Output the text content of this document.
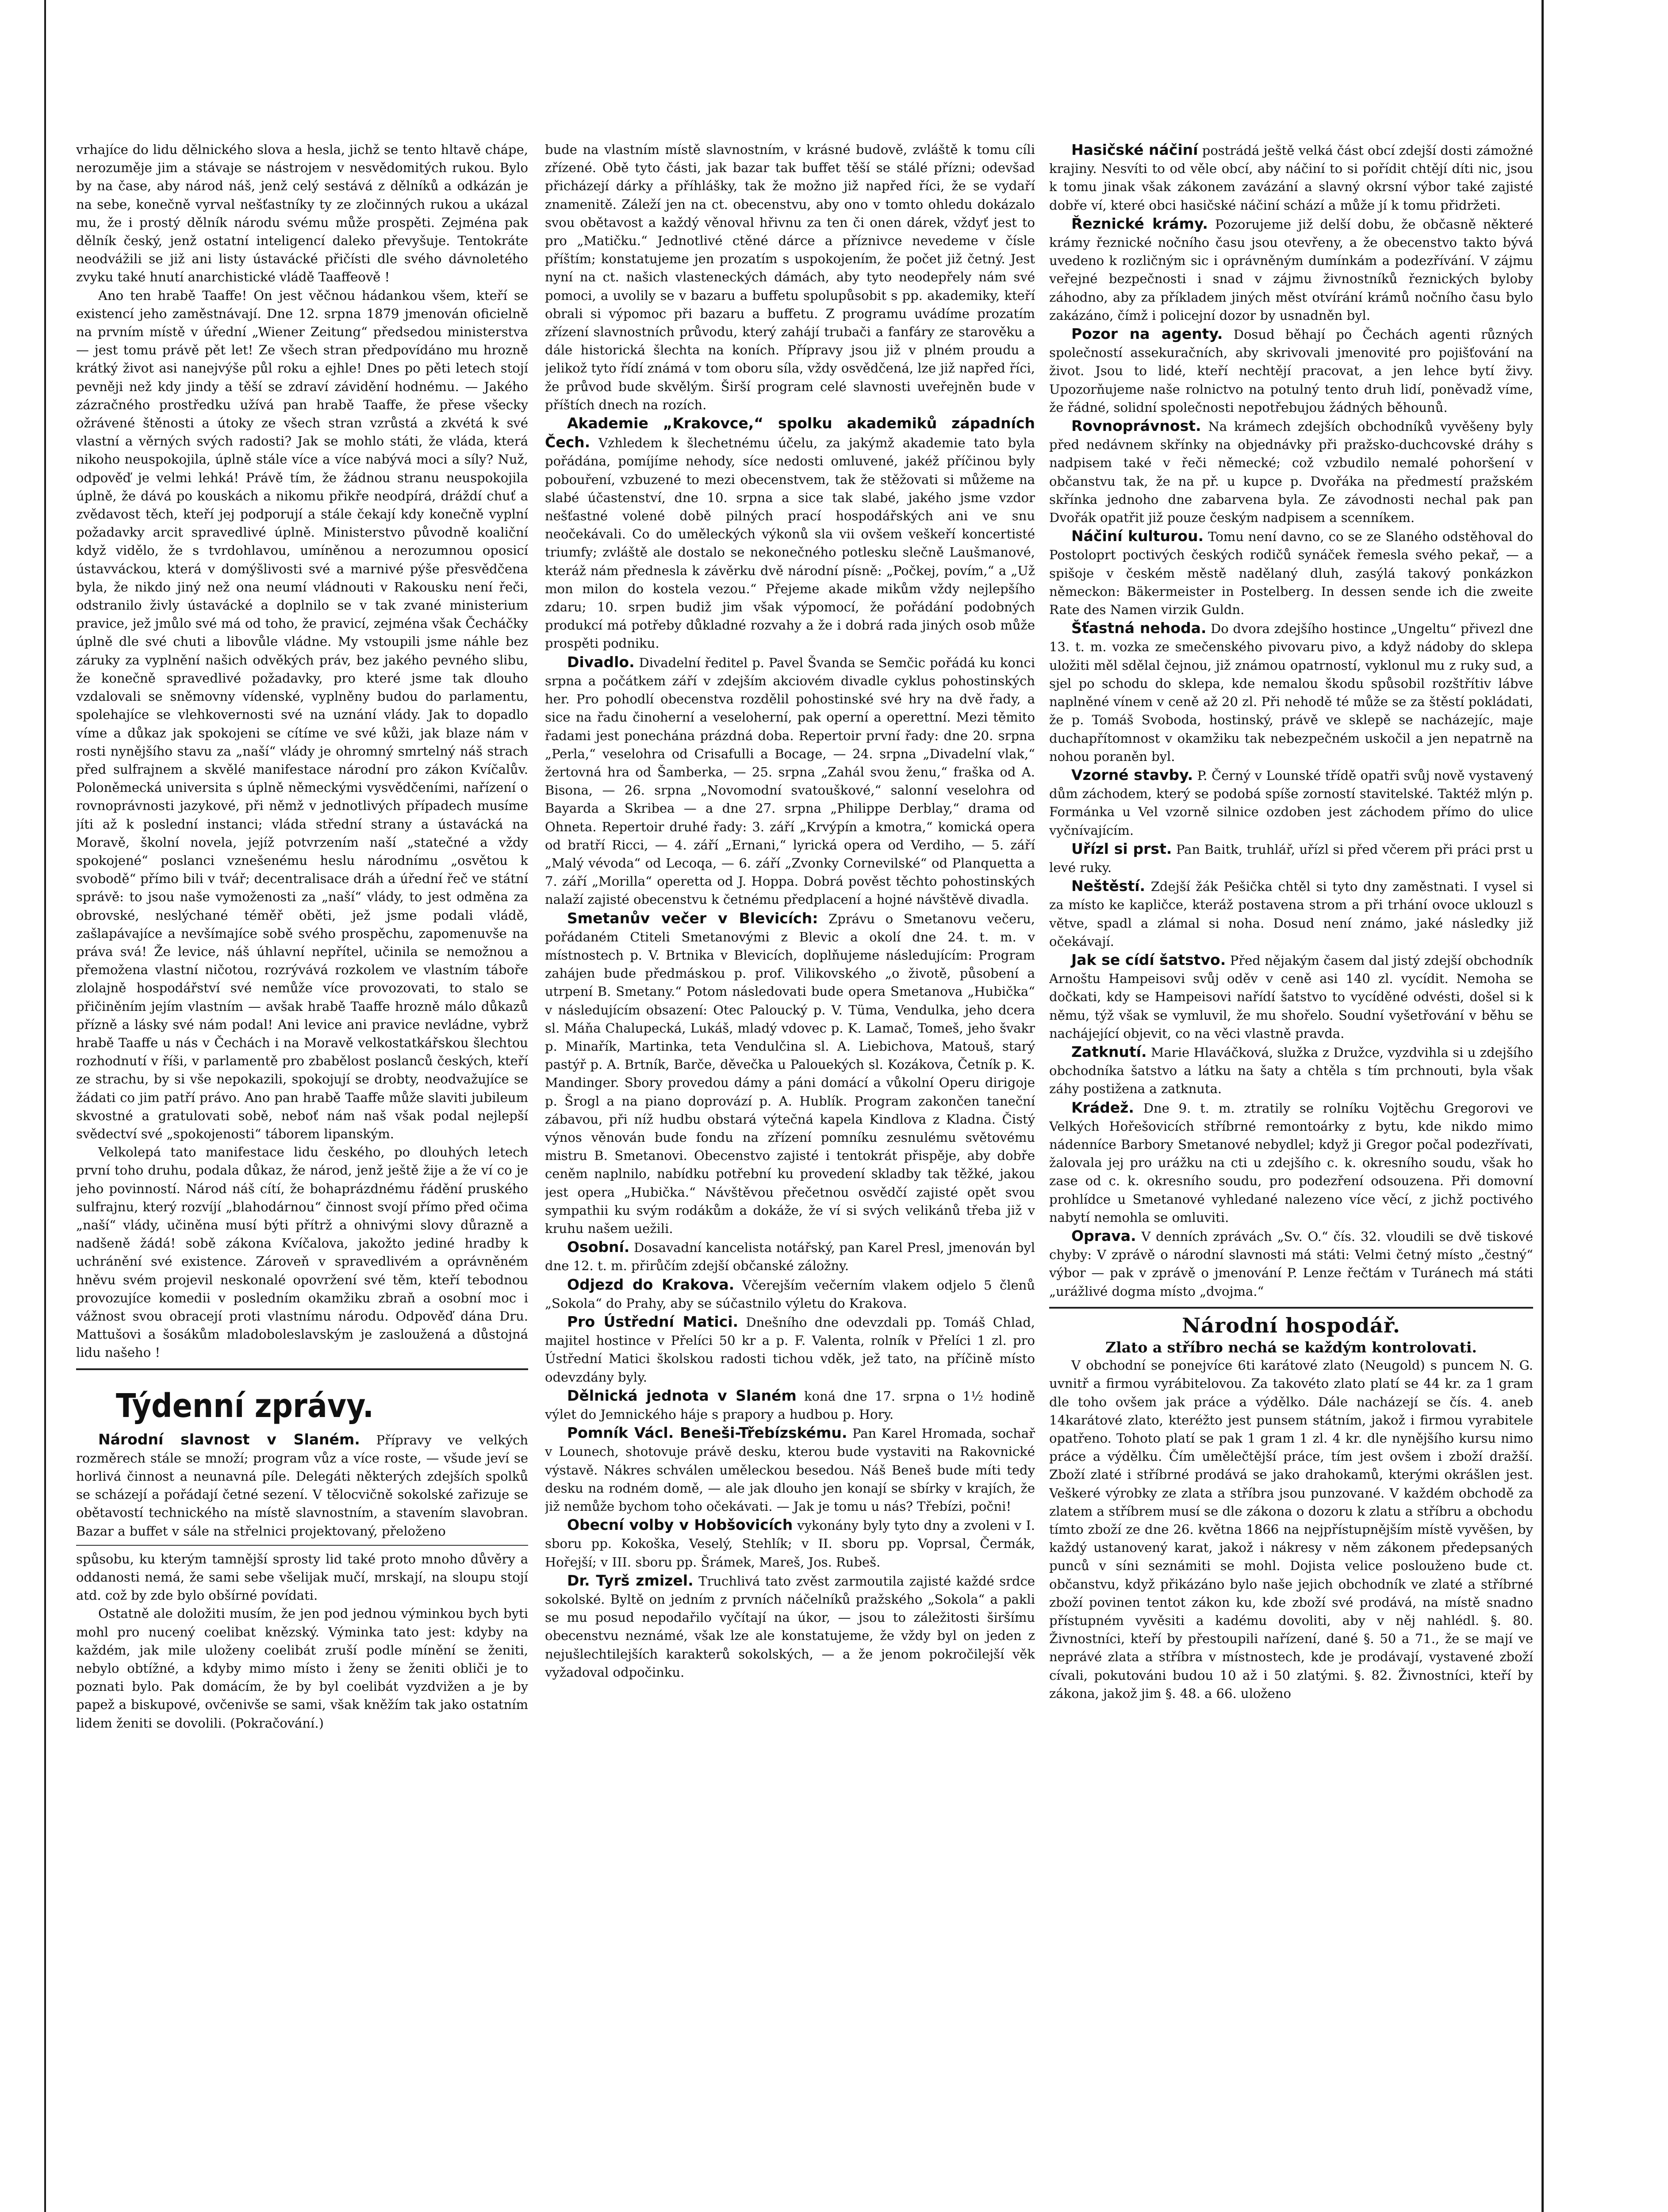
vrhajíce do lidu dělnického slova a hesla, jichž se tento hltavě chápe, nerozuměje jim a stávaje se nástrojem v nesvědomitých rukou. Bylo by na čase, aby národ náš, jenž celý sestává z dělníků a odkázán je na sebe, konečně vyrval nešťastníky ty ze zločinných rukou a ukázal mu, že i prostý dělník národu svému může prospěti. Zejména pak dělník český, jenž ostatní inteligencí daleko převyšuje. Tentokráte neodvážili se již ani listy ústavácké přičísti dle svého dávnoletého zvyku také hnutí anarchistické vládě Taaffeově !

Ano ten hrabě Taaffe! On jest věčnou hádankou všem, kteří se existencí jeho zaměstnávají. Dne 12. srpna 1879 jmenován oficielně na prvním místě v úřední „Wiener Zeitung“ předsedou ministerstva — jest tomu právě pět let! Ze všech stran předpovídáno mu hrozně krátký život asi nanejvýše půl roku a ejhle! Dnes po pěti letech stojí pevněji než kdy jindy a těší se zdraví závidění hodnému. — Jakého zázračného prostředku užívá pan hrabě Taaffe, že přese všecky ožrávené štěnosti a útoky ze všech stran vzrůstá a zkvétá k své vlastní a věrných svých radosti? Jak se mohlo státi, že vláda, která nikoho neuspokojila, úplně stále více a více nabývá moci a síly? Nuž, odpověď je velmi lehká! Právě tím, že žádnou stranu neuspokojila úplně, že dává po kouskách a nikomu přikře neodpírá, dráždí chuť a zvědavost těch, kteří jej podporují a stále čekají kdy konečně vyplní požadavky arcit spravedlivé úplně. Ministerstvo původně koaliční když vidělo, že s tvrdohlavou, umíněnou a nerozumnou oposicí ústavváckou, která v domýšlivosti své a marnivé pýše přesvědčena byla, že nikdo jiný než ona neumí vládnouti v Rakousku není řeči, odstranilo živly ústavácké a doplnilo se v tak zvané ministerium pravice, jež jmůlo své má od toho, že pravicí, zejména však Čecháčky úplně dle své chuti a libovůle vládne. My vstoupili jsme náhle bez záruky za vyplnění našich odvěkých práv, bez jakého pevného slibu, že konečně spravedlivé požadavky, pro které jsme tak dlouho vzdalovali se sněmovny vídenské, vyplněny budou do parlamentu, spolehajíce se vlehkovernosti své na uznání vlády. Jak to dopadlo víme a důkaz jak spokojeni se cítíme ve své kůži, jak blaze nám v rosti nynějšího stavu za „naší“ vlády je ohromný smrtelný náš strach před sulfrajnem a skvělé manifestace národní pro zákon Kvíčalův. Poloněmecká universita s úplně německými vysvědčeními, nařízení o rovnoprávnosti jazykové, při němž v jednotlivých případech musíme jíti až k poslední instanci; vláda střední strany a ústavácká na Moravě, školní novela, jejíž potvrzením naší „statečné a vždy spokojené“ poslanci vznešenému heslu národnímu „osvětou k svobodě“ přímo bili v tvář; decentralisace dráh a úřední řeč ve státní správě: to jsou naše vymoženosti za „naší“ vlády, to jest odměna za obrovské, neslýchané téměř oběti, jež jsme podali vládě, zašlapávajíce a nevšímajíce sobě svého prospěchu, zapomenuvše na práva svá! Že levice, náš úhlavní nepřítel, učinila se nemožnou a přemožena vlastní ničotou, rozrývává rozkolem ve vlastním táboře zlolajně hospodářství své nemůže více provozovati, to stalo se přičiněním jejím vlastním — avšak hrabě Taaffe hrozně málo důkazů přízně a lásky své nám podal! Ani levice ani pravice nevládne, vybrž hrabě Taaffe u nás v Čechách i na Moravě velkostatkářskou šlechtou rozhodnutí v říši, v parlamentě pro zbabělost poslanců českých, kteří ze strachu, by si vše nepokazili, spokojují se drobty, neodvažujíce se žádati co jim patří právo. Ano pan hrabě Taaffe může slaviti jubileum skvostné a gratulovati sobě, neboť nám naš však podal nejlepší svědectví své „spokojenosti“ táborem lipanským.

Velkolepá tato manifestace lidu českého, po dlouhých letech první toho druhu, podala důkaz, že národ, jenž ještě žije a že ví co je jeho povinností. Národ náš cítí, že bohaprázdnému řádění pruského sulfrajnu, který rozvíjí „blahodárnou“ činnost svojí přímo před očima „naší“ vlády, učiněna musí býti přítrž a ohnivými slovy důrazně a nadšeně žádá! sobě zákona Kvíčalova, jakožto jediné hradby k uchránění své existence. Zároveň v spravedlivém a oprávněném hněvu svém projevil neskonalé opovržení své těm, kteří tebodnou provozujíce komedii v posledním okamžiku zbraň a osobní moc i vážnost svou obracejí proti vlastnímu národu. Odpověď dána Dru. Mattušovi a šosákům mladoboleslavským je zasloužená a důstojná lidu našeho !

Týdenní zprávy.

Národní slavnost v Slaném. Přípravy ve velkých rozměrech stále se množí; program vůz a více roste, — všude jeví se horlivá činnost a neunavná píle. Delegáti některých zdejších spolků se scházejí a pořádají četné sezení. V tělocvičně sokolské zařizuje se obětavostí technického na místě slavnostním, a stavením slavobran. Bazar a buffet v sále na střelnici projektovaný, přeloženo

spůsobu, ku kterým tamnější sprosty lid také proto mnoho důvěry a oddanosti nemá, že sami sebe všelijak mučí, mrskají, na sloupu stojí atd. což by zde bylo obšírné povídati.

Ostatně ale doložiti musím, že jen pod jednou výminkou bych byti mohl pro nucený coelibat knězský. Výminka tato jest: kdyby na každém, jak mile uloženy coelibát zruší podle mínění se ženiti, nebylo obtížné, a kdyby mimo místo i ženy se ženiti obliči je to poznati bylo. Pak domácím, že by byl coelibát vyzdvižen a je by papež a biskupové, ovčenivše se sami, však kněžím tak jako ostatním lidem ženiti se dovolili. (Pokračování.)

bude na vlastním místě slavnostním, v krásné budově, zvláště k tomu cíli zřízené. Obě tyto části, jak bazar tak buffet těší se stálé přízni; odevšad přicházejí dárky a příhlášky, tak že možno již napřed říci, že se vydaří znamenitě. Záleží jen na ct. obecenstvu, aby ono v tomto ohledu dokázalo svou obětavost a každý věnoval hřivnu za ten či onen dárek, vždyť jest to pro „Matičku.“ Jednotlivé ctěné dárce a příznivce nevedeme v čísle příštím; konstatujeme jen prozatím s uspokojením, že počet již četný. Jest nyní na ct. našich vlasteneckých dámách, aby tyto neodepřely nám své pomoci, a uvolily se v bazaru a buffetu spolupůsobit s pp. akademiky, kteří obrali si výpomoc při bazaru a buffetu. Z programu uvádíme prozatím zřízení slavnostních průvodu, který zahájí trubači a fanfáry ze starověku a dále historická šlechta na koních. Přípravy jsou již v plném proudu a jelikož tyto řídí známá v tom oboru síla, vždy osvědčená, lze již napřed říci, že průvod bude skvělým. Širší program celé slavnosti uveřejněn bude v příštích dnech na rozích.

Akademie „Krakovce,“ spolku akademiků západních Čech. Vzhledem k šlechetnému účelu, za jakýmž akademie tato byla pořádána, pomíjíme nehody, síce nedosti omluvené, jakéž příčinou byly pobouření, vzbuzené to mezi obecenstvem, tak že stěžovati si můžeme na slabé účastenství, dne 10. srpna a sice tak slabé, jakého jsme vzdor nešťastné volené době pilných prací hospodářských ani ve snu neočekávali. Co do uměleckých výkonů sla vii ovšem veškeří koncertisté triumfy; zvláště ale dostalo se nekonečného potlesku slečně Laušmanové, kteráž nám přednesla k závěrku dvě národní písně: „Počkej, povím,“ a „Už mon milon do kostela vezou.“ Přejeme akade mikům vždy nejlepšího zdaru; 10. srpen budiž jim však výpomocí, že pořádání podobných produkcí má potřeby důkladné rozvahy a že i dobrá rada jiných osob může prospěti podniku.

Divadlo. Divadelní ředitel p. Pavel Švanda se Semčic pořádá ku konci srpna a počátkem září v zdejším akciovém divadle cyklus pohostinských her. Pro pohodlí obecenstva rozdělil pohostinské své hry na dvě řady, a sice na řadu činoherní a veseloherní, pak operní a operettní. Mezi těmito řadami jest ponechána prázdná doba. Repertoir první řady: dne 20. srpna „Perla,“ veselohra od Crisafulli a Bocage, — 24. srpna „Divadelní vlak,“ žertovná hra od Šamberka, — 25. srpna „Zahál svou ženu,“ fraška od A. Bisona, — 26. srpna „Novomodní svatouškové,“ salonní veselohra od Bayarda a Skribea — a dne 27. srpna „Philippe Derblay,“ drama od Ohneta. Repertoir druhé řady: 3. září „Krvýpín a kmotra,“ komická opera od bratří Ricci, — 4. září „Ernani,“ lyrická opera od Verdiho, — 5. září „Malý vévoda“ od Lecoqa, — 6. září „Zvonky Cornevilské“ od Planquetta a 7. září „Morilla“ operetta od J. Hoppa. Dobrá pověst těchto pohostinských nalaží zajisté obecenstvu k četnému předplacení a hojné návštěvě divadla.

Smetanův večer v Blevicích: Zprávu o Smetanovu večeru, pořádaném Ctiteli Smetanovými z Blevic a okolí dne 24. t. m. v místnostech p. V. Brtnika v Blevicích, doplňujeme následujícím: Program zahájen bude předmáskou p. prof. Vilikovského „o životě, působení a utrpení B. Smetany.“ Potom následovati bude opera Smetanova „Hubička“ v následujícím obsazení: Otec Paloucký p. V. Tüma, Vendulka, jeho dcera sl. Máňa Chalupecká, Lukáš, mladý vdovec p. K. Lamač, Tomeš, jeho švakr p. Minařík, Martinka, teta Vendulčina sl. A. Liebichova, Matouš, starý pastýř p. A. Brtník, Barče, děvečka u Palouekých sl. Kozákova, Četník p. K. Mandinger. Sbory provedou dámy a páni domácí a vůkolní Operu dirigoje p. Šrogl a na piano doprovází p. A. Hublík. Program zakončen taneční zábavou, při níž hudbu obstará výtečná kapela Kindlova z Kladna. Čistý výnos věnován bude fondu na zřízení pomníku zesnulému světovému mistru B. Smetanovi. Obecenstvo zajisté i tentokrát přispěje, aby dobře ceněm naplnilo, nabídku potřební ku provedení skladby tak těžké, jakou jest opera „Hubička.“ Návštěvou přečetnou osvědčí zajisté opět svou sympathii ku svým rodákům a dokáže, že ví si svých velikánů třeba již v kruhu našem uežili.

Osobní. Dosavadní kancelista notářský, pan Karel Presl, jmenován byl dne 12. t. m. přirůčím zdejší občanské záložny.

Odjezd do Krakova. Včerejším večerním vlakem odjelo 5 členů „Sokola“ do Prahy, aby se súčastnilo výletu do Krakova.

Pro Ústřední Matici. Dnešního dne odevzdali pp. Tomáš Chlad, majitel hostince v Přelíci 50 kr a p. F. Valenta, rolník v Přelíci 1 zl. pro Ústřední Matici školskou radosti tichou vděk, jež tato, na příčině místo odevzdány byly.

Dělnická jednota v Slaném koná dne 17. srpna o 1½ hodině výlet do Jemnického háje s prapory a hudbou p. Hory.

Pomník Václ. Beneši-Třebízskému. Pan Karel Hromada, sochař v Lounech, shotovuje právě desku, kterou bude vystaviti na Rakovnické výstavě. Nákres schválen uměleckou besedou. Náš Beneš bude míti tedy desku na rodném domě, — ale jak dlouho jen konají se sbírky v krajích, že již nemůže bychom toho očekávati. — Jak je tomu u nás? Třebízi, počni!

Obecní volby v Hobšovicích vykonány byly tyto dny a zvoleni v I. sboru pp. Kokoška, Veselý, Stehlík; v II. sboru pp. Voprsal, Čermák, Hořejší; v III. sboru pp. Šrámek, Mareš, Jos. Rubeš.

Dr. Tyrš zmizel. Truchlivá tato zvěst zarmoutila zajisté každé srdce sokolské. Byltě on jedním z prvních náčelníků pražského „Sokola“ a pakli se mu posud nepodařilo vyčítají na úkor, — jsou to záležitosti širšímu obecenstvu neznámé, však lze ale konstatujeme, že vždy byl on jeden z nejušlechtilejších karakterů sokolských, — a že jenom pokročilejší věk vyžadoval odpočinku.

Hasičské náčiní postrádá ještě velká část obcí zdejší dosti zámožné krajiny. Nesvíti to od věle obcí, aby náčiní to si pořídit chtějí díti nic, jsou k tomu jinak však zákonem zavázání a slavný okrsní výbor také zajisté dobře ví, které obci hasičské náčiní schází a může jí k tomu přidržeti.

Řeznické krámy. Pozorujeme již delší dobu, že občasně některé krámy řeznické nočního času jsou otevřeny, a že obecenstvo takto bývá uvedeno k rozličným sic i oprávněným dumínkám a podezřívání. V zájmu veřejné bezpečnosti i snad v zájmu živnostníků řeznických byloby záhodno, aby za příkladem jiných měst otvírání krámů nočního času bylo zakázáno, čímž i policejní dozor by usnadněn byl.

Pozor na agenty. Dosud běhají po Čechách agenti různých společností assekuračních, aby skrivovali jmenovité pro pojišťování na život. Jsou to lidé, kteří nechtějí pracovat, a jen lehce bytí živy. Upozorňujeme naše rolnictvo na potulný tento druh lidí, poněvadž víme, že řádné, solidní společnosti nepotřebujou žádných běhounů.

Rovnoprávnost. Na krámech zdejších obchodníků vyvěšeny byly před nedávnem skřínky na objednávky při pražsko-duchcovské dráhy s nadpisem také v řeči německé; což vzbudilo nemalé pohoršení v občanstvu tak, že na př. u kupce p. Dvořáka na předmestí pražském skřínka jednoho dne zabarvena byla. Ze závodnosti nechal pak pan Dvořák opatřit již pouze českým nadpisem a scenníkem.

Náčiní kulturou. Tomu není davno, co se ze Slaného odstěhoval do Postoloprt poctivých českých rodičů synáček řemesla svého pekař, — a spišoje v českém městě nadělaný dluh, zasýlá takový ponkázkon německon: Bäkermeister in Postelberg. In dessen sende ich die zweite Rate des Namen virzik Guldn.

Šťastná nehoda. Do dvora zdejšího hostince „Ungeltu“ přivezl dne 13. t. m. vozka ze smečenského pivovaru pivo, a když nádoby do sklepa uložiti měl sdělal čejnou, již známou opatrností, vyklonul mu z ruky sud, a sjel po schodu do sklepa, kde nemalou škodu spůsobil rozštřítiv lábve naplněné vínem v ceně až 20 zl. Při nehodě té může se za štěstí pokládati, že p. Tomáš Svoboda, hostinský, právě ve sklepě se nacházejíc, maje duchapřítomnost v okamžiku tak nebezpečném uskočil a jen nepatrně na nohou poraněn byl.

Vzorné stavby. P. Černý v Lounské třídě opatři svůj nově vystavený dům záchodem, který se podobá spíše zorností stavitelské. Taktéž mlýn p. Formánka u Vel vzorně silnice ozdoben jest záchodem přímo do ulice vyčnívajícím.

Uřízl si prst. Pan Baitk, truhlář, uřízl si před včerem při práci prst u levé ruky.

Neštěstí. Zdejší žák Pešička chtěl si tyto dny zaměstnati. I vysel si za místo ke kapličce, kteráž postavena strom a při trhání ovoce uklouzl s větve, spadl a zlámal si noha. Dosud není známo, jaké následky již očekávají.

Jak se cídí šatstvo. Před nějakým časem dal jistý zdejší obchodník Arnoštu Hampeisovi svůj oděv v ceně asi 140 zl. vycídit. Nemoha se dočkati, kdy se Hampeisovi nařídí šatstvo to vycíděné odvésti, došel si k němu, týž však se vymluvil, že mu shořelo. Soudní vyšetřování v běhu se nachájející objevit, co na věci vlastně pravda.

Zatknutí. Marie Hlaváčková, služka z Družce, vyzdvihla si u zdejšího obchodníka šatstvo a látku na šaty a chtěla s tím prchnouti, byla však záhy postižena a zatknuta.

Krádež. Dne 9. t. m. ztratily se rolníku Vojtěchu Gregorovi ve Velkých Hořešovicích stříbrné remontoárky z bytu, kde nikdo mimo nádenníce Barbory Smetanové nebydlel; když ji Gregor počal podezřívati, žalovala jej pro urážku na cti u zdejšího c. k. okresního soudu, však ho zase od c. k. okresního soudu, pro podezření odsouzena. Při domovní prohlídce u Smetanové vyhledané nalezeno více věcí, z jichž poctivého nabytí nemohla se omluviti.

Oprava. V denních zprávách „Sv. O.“ čís. 32. vloudili se dvě tiskové chyby: V zprávě o národní slavnosti má státi: Velmi četný místo „čestný“ výbor — pak v zprávě o jmenování P. Lenze řečtám v Turánech má státi „urážlivé dogma místo „dvojma.“

Národní hospodář.
Zlato a stříbro nechá se každým kontrolovati.

V obchodní se ponejvíce 6ti karátové zlato (Neugold) s puncem N. G. uvnitř a firmou vyrábitelovou. Za takovéto zlato platí se 44 kr. za 1 gram dle toho ovšem jak práce a výdělko. Dále nacházejí se čís. 4. aneb 14karátové zlato, kteréžto jest punsem státním, jakož i firmou vyrabitele opatřeno. Tohoto platí se pak 1 gram 1 zl. 4 kr. dle nynějšího kursu nimo práce a výdělku. Čím umělečtější práce, tím jest ovšem i zboží dražší. Zboží zlaté i stříbrné prodává se jako drahokamů, kterými okrášlen jest. Veškeré výrobky ze zlata a stříbra jsou punzované. V každém obchodě za zlatem a stříbrem musí se dle zákona o dozoru k zlatu a stříbru a obchodu tímto zboží ze dne 26. května 1866 na nejpřístupnějším místě vyvěšen, by každý ustanovený karat, jakož i nákresy v něm zákonem předepsaných punců v síni seznámiti se mohl. Dojista velice poslouženo bude ct. občanstvu, když přikázáno bylo naše jejich obchodník ve zlaté a stříbrné zboží povinen tentot zákon ku, kde zboží své prodává, na místě snadno přístupném vyvěsiti a kadému dovoliti, aby v něj nahlédl. §. 80. Živnostníci, kteří by přestoupili nařízení, dané §. 50 a 71., že se mají ve neprávé zlata a stříbra v místnostech, kde je prodávají, vystavené zboží cívali, pokutováni budou 10 až i 50 zlatými. §. 82. Živnostníci, kteří by zákona, jakož jim §. 48. a 66. uloženo
